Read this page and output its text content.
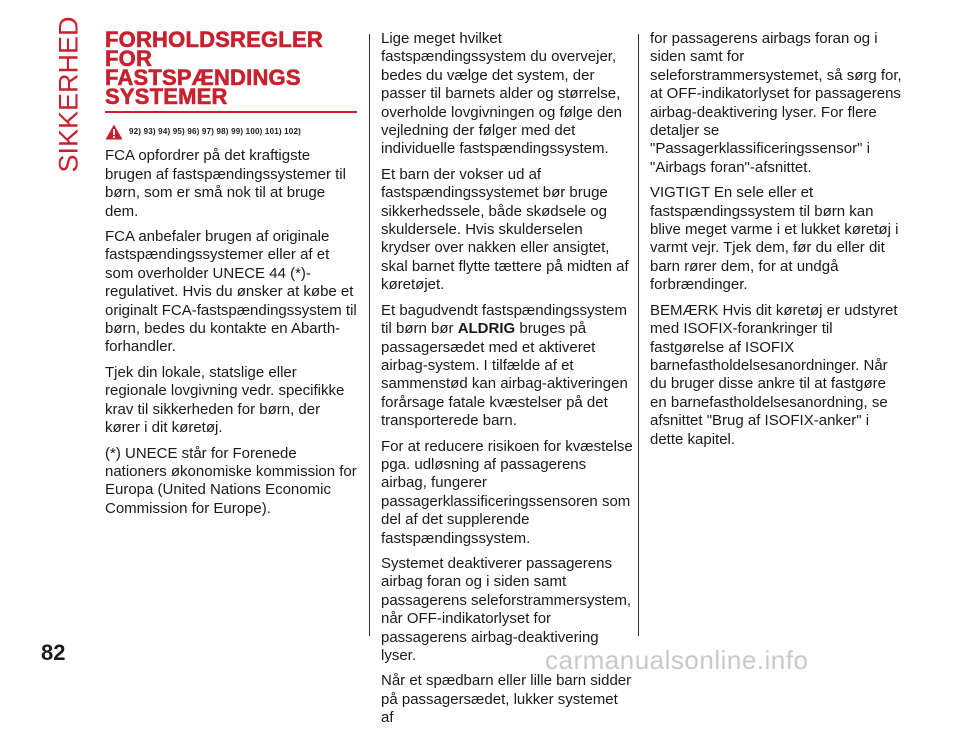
SIKKERHED FORHOLDSREGLER
FOR
FASTSPÆNDINGS
SYSTEMER
92) 93) 94) 95) 96) 97) 98) 99) 100) 101) 102)

FCA opfordrer på det kraftigste brugen af fastspændingssystemer til børn, som er små nok til at bruge dem.

FCA anbefaler brugen af originale fastspændingssystemer eller af et som overholder UNECE 44 (*)-regulativet. Hvis du ønsker at købe et originalt FCA-fastspændingssystem til børn, bedes du kontakte en Abarth-forhandler.

Tjek din lokale, statslige eller regionale lovgivning vedr. specifikke krav til sikkerheden for børn, der kører i dit køretøj.

(*) UNECE står for Forenede nationers økonomiske kommission for Europa (United Nations Economic Commission for Europe).

Lige meget hvilket fastspændingssystem du overvejer, bedes du vælge det system, der passer til barnets alder og størrelse, overholde lovgivningen og følge den vejledning der følger med det individuelle fastspændingssystem.

Et barn der vokser ud af fastspændingssystemet bør bruge sikkerhedssele, både skødsele og skuldersele. Hvis skulderselen krydser over nakken eller ansigtet, skal barnet flytte tættere på midten af køretøjet.

Et bagudvendt fastspændingssystem til børn bør ALDRIG bruges på passagersædet med et aktiveret airbag-system. I tilfælde af et sammenstød kan airbag-aktiveringen forårsage fatale kvæstelser på det transporterede barn.

For at reducere risikoen for kvæstelse pga. udløsning af passagerens airbag, fungerer passagerklassificeringssensoren som del af det supplerende fastspændingssystem.

Systemet deaktiverer passagerens airbag foran og i siden samt passagerens seleforstrammersystem, når OFF-indikatorlyset for passagerens airbag-deaktivering lyser.

Når et spædbarn eller lille barn sidder på passagersædet, lukker systemet af

for passagerens airbags foran og i siden samt for seleforstrammersystemet, så sørg for, at OFF-indikatorlyset for passagerens airbag-deaktivering lyser. For flere detaljer se "Passagerklassificeringssensor" i "Airbags foran"-afsnittet.

VIGTIGT En sele eller et fastspændingssystem til børn kan blive meget varme i et lukket køretøj i varmt vejr. Tjek dem, før du eller dit barn rører dem, for at undgå forbrændinger.

BEMÆRK Hvis dit køretøj er udstyret med ISOFIX-forankringer til fastgørelse af ISOFIX barnefastholdelsesanordninger. Når du bruger disse ankre til at fastgøre en barnefastholdelsesanordning, se afsnittet "Brug af ISOFIX-anker" i dette kapitel.

82	carmanualsonline.info
